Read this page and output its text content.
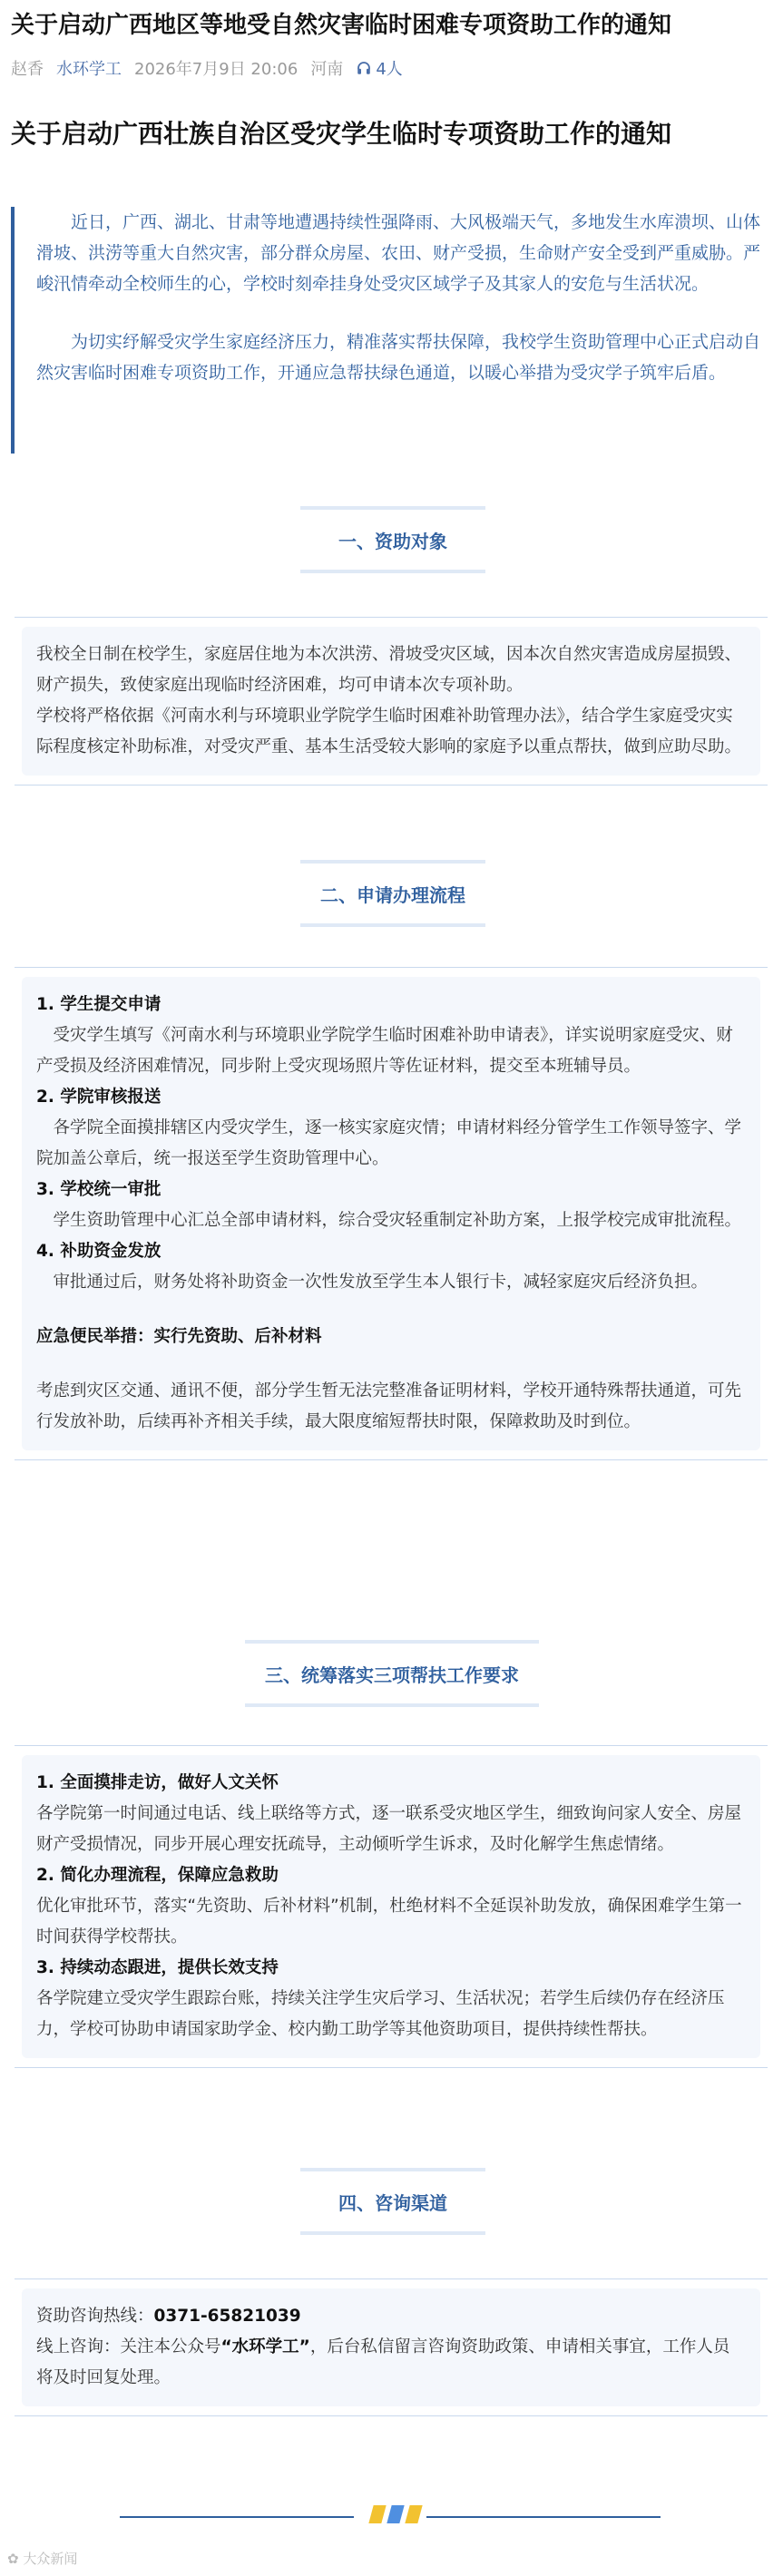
关于启动广西地区等地受自然灾害临时困难专项资助工作的通知
赵香 水环学工 2026年7月9日 20:06 河南 4人
关于启动广西壮族自治区受灾学生临时专项资助工作的通知

近日，广西、湖北、甘肃等地遭遇持续性强降雨、大风极端天气，多地发生水库溃坝、山体滑坡、洪涝等重大自然灾害，部分群众房屋、农田、财产受损，生命财产安全受到严重威胁。严峻汛情牵动全校师生的心，学校时刻牵挂身处受灾区域学子及其家人的安危与生活状况。

为切实纾解受灾学生家庭经济压力，精准落实帮扶保障，我校学生资助管理中心正式启动自然灾害临时困难专项资助工作，开通应急帮扶绿色通道，以暖心举措为受灾学子筑牢后盾。

一、资助对象

我校全日制在校学生，家庭居住地为本次洪涝、滑坡受灾区域，因本次自然灾害造成房屋损毁、财产损失，致使家庭出现临时经济困难，均可申请本次专项补助。

学校将严格依据《河南水利与环境职业学院学生临时困难补助管理办法》，结合学生家庭受灾实际程度核定补助标准，对受灾严重、基本生活受较大影响的家庭予以重点帮扶，做到应助尽助。

二、申请办理流程

1. 学生提交申请

受灾学生填写《河南水利与环境职业学院学生临时困难补助申请表》，详实说明家庭受灾、财产受损及经济困难情况，同步附上受灾现场照片等佐证材料，提交至本班辅导员。

2. 学院审核报送

各学院全面摸排辖区内受灾学生，逐一核实家庭灾情；申请材料经分管学生工作领导签字、学院加盖公章后，统一报送至学生资助管理中心。

3. 学校统一审批

学生资助管理中心汇总全部申请材料，综合受灾轻重制定补助方案，上报学校完成审批流程。

4. 补助资金发放

审批通过后，财务处将补助资金一次性发放至学生本人银行卡，减轻家庭灾后经济负担。

应急便民举措：实行先资助、后补材料

考虑到灾区交通、通讯不便，部分学生暂无法完整准备证明材料，学校开通特殊帮扶通道，可先行发放补助，后续再补齐相关手续，最大限度缩短帮扶时限，保障救助及时到位。

三、统筹落实三项帮扶工作要求

1. 全面摸排走访，做好人文关怀

各学院第一时间通过电话、线上联络等方式，逐一联系受灾地区学生，细致询问家人安全、房屋财产受损情况，同步开展心理安抚疏导，主动倾听学生诉求，及时化解学生焦虑情绪。

2. 简化办理流程，保障应急救助

优化审批环节，落实“先资助、后补材料”机制，杜绝材料不全延误补助发放，确保困难学生第一时间获得学校帮扶。

3. 持续动态跟进，提供长效支持

各学院建立受灾学生跟踪台账，持续关注学生灾后学习、生活状况；若学生后续仍存在经济压力，学校可协助申请国家助学金、校内勤工助学等其他资助项目，提供持续性帮扶。

四、咨询渠道

资助咨询热线：0371-65821039

线上咨询：关注本公众号“水环学工”，后台私信留言咨询资助政策、申请相关事宜，工作人员将及时回复处理。

✿ 大众新闻
